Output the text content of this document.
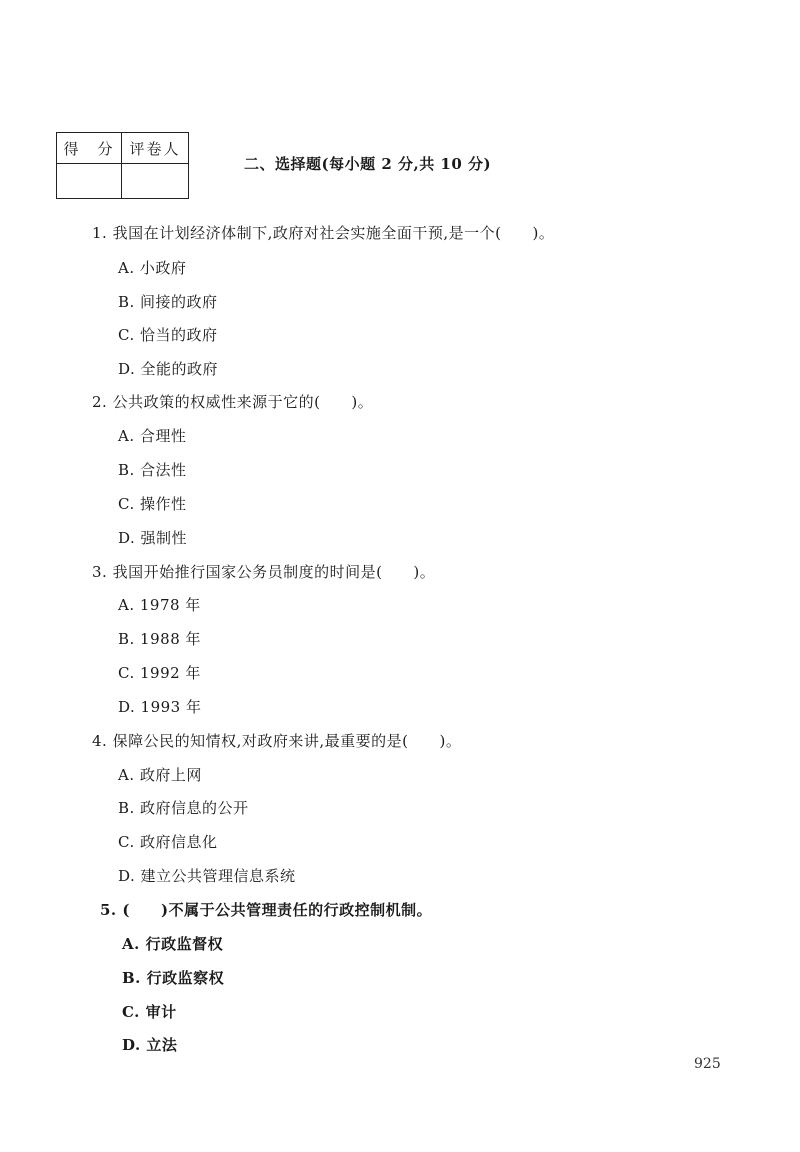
得　分	评卷人

二、选择题(每小题 2 分,共 10 分)
1. 我国在计划经济体制下,政府对社会实施全面干预,是一个(　　)。
A. 小政府
B. 间接的政府
C. 恰当的政府
D. 全能的政府
2. 公共政策的权威性来源于它的(　　)。
A. 合理性
B. 合法性
C. 操作性
D. 强制性
3. 我国开始推行国家公务员制度的时间是(　　)。
A. 1978 年
B. 1988 年
C. 1992 年
D. 1993 年
4. 保障公民的知情权,对政府来讲,最重要的是(　　)。
A. 政府上网
B. 政府信息的公开
C. 政府信息化
D. 建立公共管理信息系统
5. (　　)不属于公共管理责任的行政控制机制。
A. 行政监督权
B. 行政监察权
C. 审计
D. 立法
925
